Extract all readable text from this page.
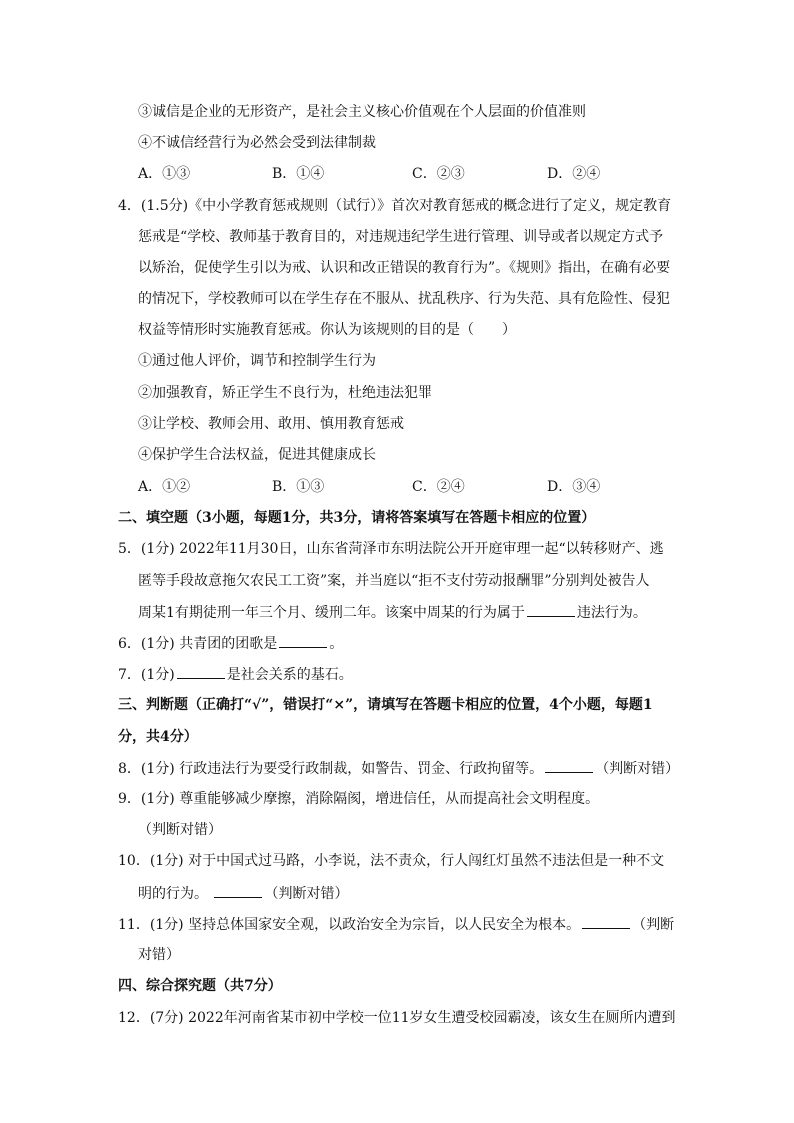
③诚信是企业的无形资产，是社会主义核心价值观在个人层面的价值准则
④不诚信经营行为必然会受到法律制裁
A．①③	B．①④	C．②③	D．②④
4．(1.5分)《中小学教育惩戒规则（试行）》首次对教育惩戒的概念进行了定义，规定教育
惩戒是“学校、教师基于教育目的，对违规违纪学生进行管理、训导或者以规定方式予
以矫治，促使学生引以为戒、认识和改正错误的教育行为”。《规则》指出，在确有必要
的情况下，学校教师可以在学生存在不服从、扰乱秩序、行为失范、具有危险性、侵犯
权益等情形时实施教育惩戒。你认为该规则的目的是（　　）
①通过他人评价，调节和控制学生行为
②加强教育，矫正学生不良行为，杜绝违法犯罪
③让学校、教师会用、敢用、慎用教育惩戒
④保护学生合法权益，促进其健康成长
A．①②	B．①③	C．②④	D．③④
二、填空题（3小题，每题1分，共3分，请将答案填写在答题卡相应的位置）
5．(1分) 2022年11月30日，山东省菏泽市东明法院公开开庭审理一起“以转移财产、逃
匿等手段故意拖欠农民工工资”案，并当庭以“拒不支付劳动报酬罪”分别判处被告人
周某1有期徒刑一年三个月、缓刑二年。该案中周某的行为属于	违法行为。
6．(1分) 共青团的团歌是	。
7．(1分)	是社会关系的基石。
三、判断题（正确打“√”，错误打“×”，请填写在答题卡相应的位置，4个小题，每题1
分，共4分）
8．(1分) 行政违法行为要受行政制裁，如警告、罚金、行政拘留等。	（判断对错）
9．(1分) 尊重能够减少摩擦，消除隔阂，增进信任，从而提高社会文明程度。
（判断对错）
10．(1分) 对于中国式过马路，小李说，法不责众，行人闯红灯虽然不违法但是一种不文
明的行为。	（判断对错）
11．(1分) 坚持总体国家安全观，以政治安全为宗旨，以人民安全为根本。	（判断
对错）
四、综合探究题（共7分）
12．(7分) 2022年河南省某市初中学校一位11岁女生遭受校园霸凌，该女生在厕所内遭到
